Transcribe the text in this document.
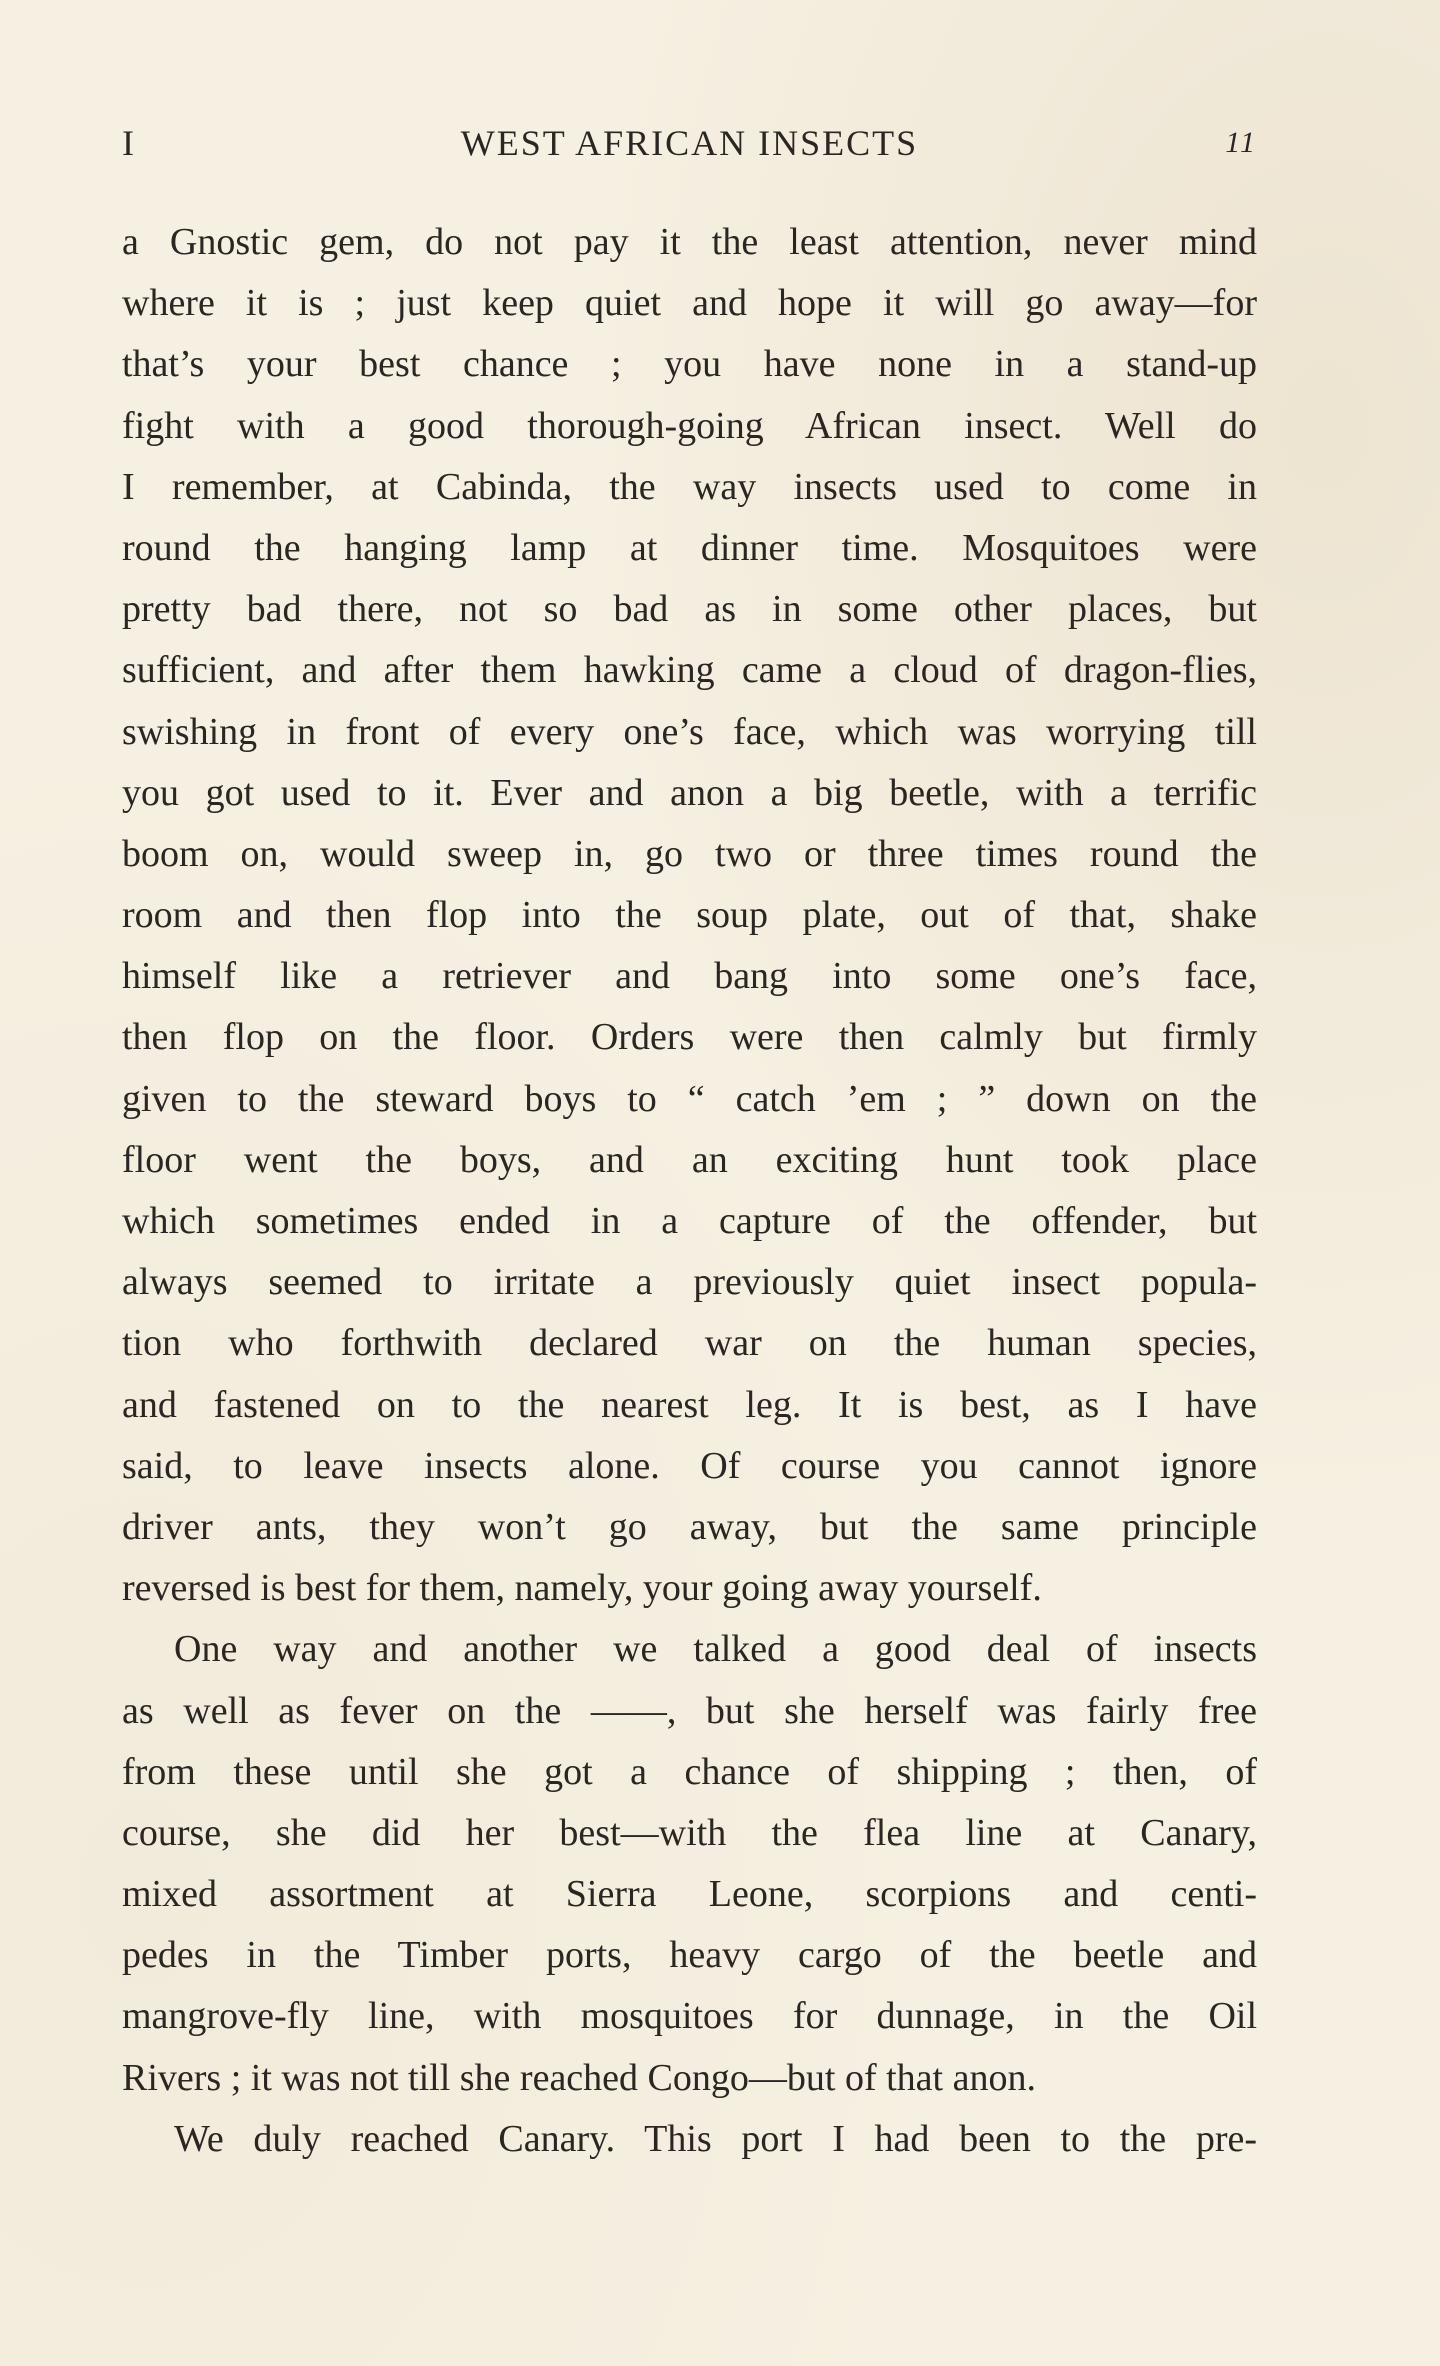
I	WEST AFRICAN INSECTS	11
a Gnostic gem, do not pay it the least attention, never mind
where it is ; just keep quiet and hope it will go away—for
that’s your best chance ; you have none in a stand-up
fight with a good thorough-going African insect. Well do
I remember, at Cabinda, the way insects used to come in
round the hanging lamp at dinner time. Mosquitoes were
pretty bad there, not so bad as in some other places, but
sufficient, and after them hawking came a cloud of dragon-flies,
swishing in front of every one’s face, which was worrying till
you got used to it. Ever and anon a big beetle, with a terrific
boom on, would sweep in, go two or three times round the
room and then flop into the soup plate, out of that, shake
himself like a retriever and bang into some one’s face,
then flop on the floor. Orders were then calmly but firmly
given to the steward boys to “ catch ’em ; ” down on the
floor went the boys, and an exciting hunt took place
which sometimes ended in a capture of the offender, but
always seemed to irritate a previously quiet insect popula-
tion who forthwith declared war on the human species,
and fastened on to the nearest leg. It is best, as I have
said, to leave insects alone. Of course you cannot ignore
driver ants, they won’t go away, but the same principle
reversed is best for them, namely, your going away yourself.
One way and another we talked a good deal of insects
as well as fever on the ——, but she herself was fairly free
from these until she got a chance of shipping ; then, of
course, she did her best—with the flea line at Canary,
mixed assortment at Sierra Leone, scorpions and centi-
pedes in the Timber ports, heavy cargo of the beetle and
mangrove-fly line, with mosquitoes for dunnage, in the Oil
Rivers ; it was not till she reached Congo—but of that anon.
We duly reached Canary. This port I had been to the pre-
